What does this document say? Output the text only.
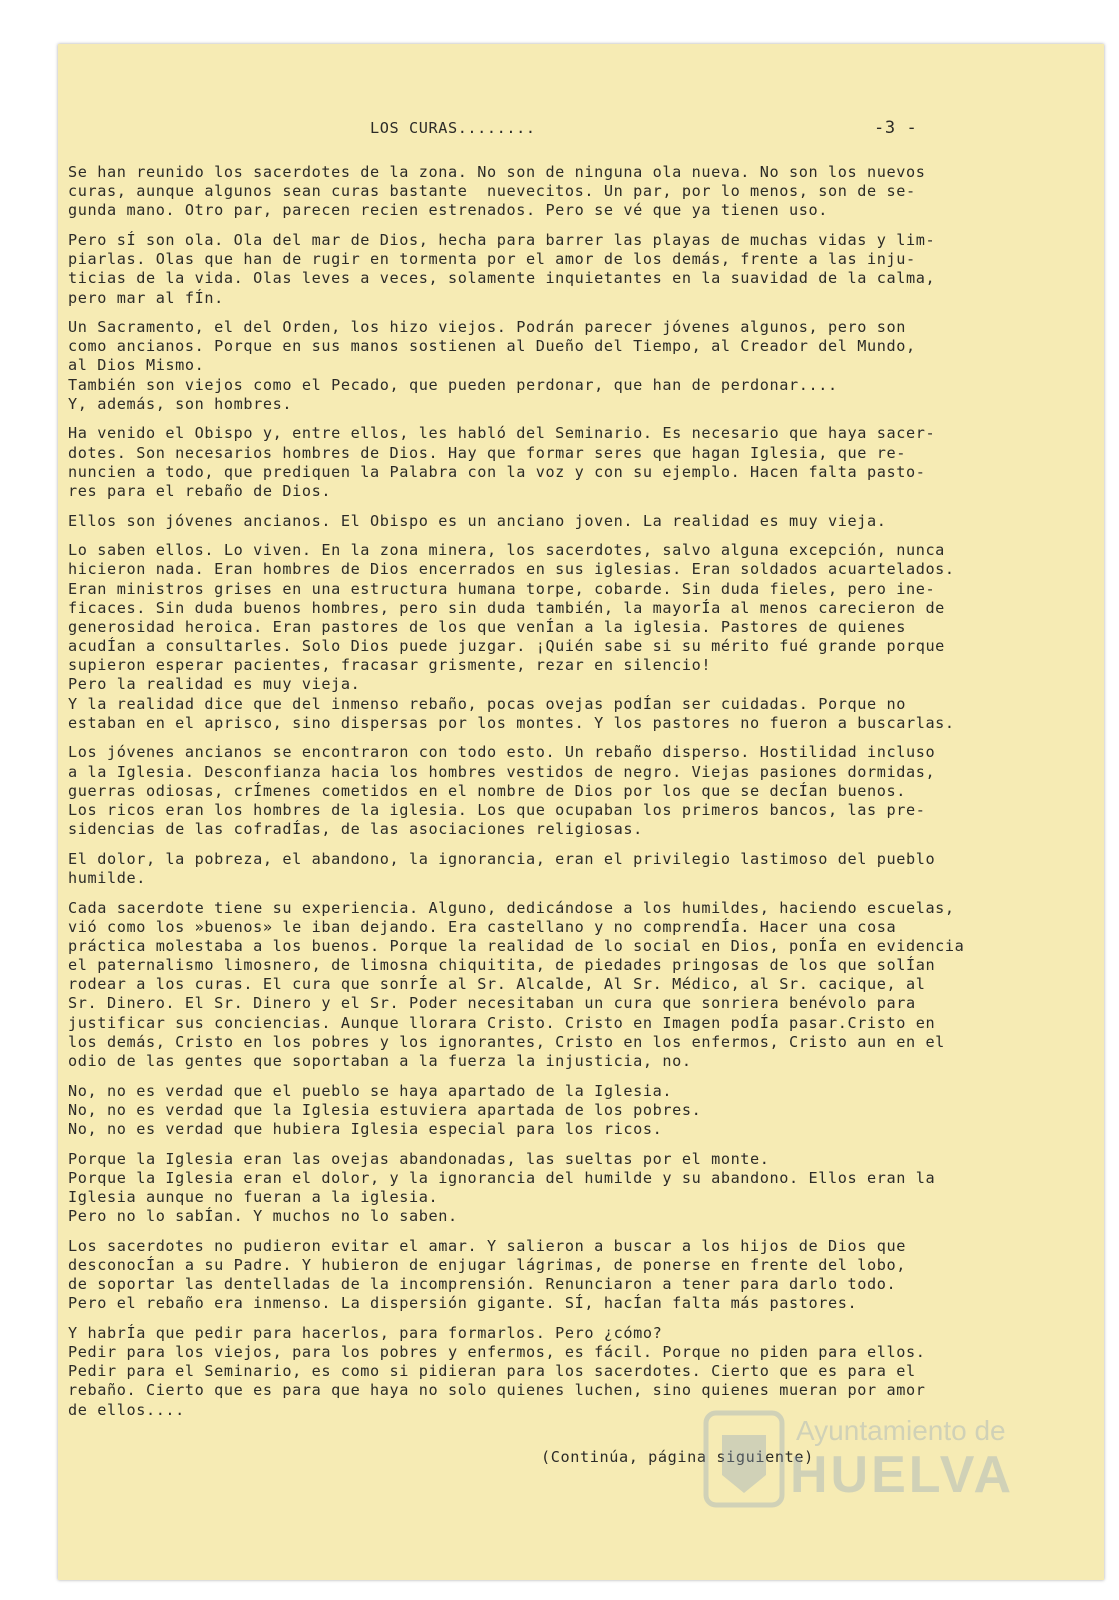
LOS CURAS........	-3 -
Se han reunido los sacerdotes de la zona. No son de ninguna ola nueva. No son los nuevos
curas, aunque algunos sean curas bastante  nuevecitos. Un par, por lo menos, son de se-
gunda mano. Otro par, parecen recien estrenados. Pero se vé que ya tienen uso.
Pero sÍ son ola. Ola del mar de Dios, hecha para barrer las playas de muchas vidas y lim-
piarlas. Olas que han de rugir en tormenta por el amor de los demás, frente a las inju-
ticias de la vida. Olas leves a veces, solamente inquietantes en la suavidad de la calma,
pero mar al fÍn.
Un Sacramento, el del Orden, los hizo viejos. Podrán parecer jóvenes algunos, pero son
como ancianos. Porque en sus manos sostienen al Dueño del Tiempo, al Creador del Mundo,
al Dios Mismo.
También son viejos como el Pecado, que pueden perdonar, que han de perdonar....
Y, además, son hombres.
Ha venido el Obispo y, entre ellos, les habló del Seminario. Es necesario que haya sacer-
dotes. Son necesarios hombres de Dios. Hay que formar seres que hagan Iglesia, que re-
nuncien a todo, que prediquen la Palabra con la voz y con su ejemplo. Hacen falta pasto-
res para el rebaño de Dios.
Ellos son jóvenes ancianos. El Obispo es un anciano joven. La realidad es muy vieja.
Lo saben ellos. Lo viven. En la zona minera, los sacerdotes, salvo alguna excepción, nunca
hicieron nada. Eran hombres de Dios encerrados en sus iglesias. Eran soldados acuartelados.
Eran ministros grises en una estructura humana torpe, cobarde. Sin duda fieles, pero ine-
ficaces. Sin duda buenos hombres, pero sin duda también, la mayorÍa al menos carecieron de
generosidad heroica. Eran pastores de los que venÍan a la iglesia. Pastores de quienes
acudÍan a consultarles. Solo Dios puede juzgar. ¡Quién sabe si su mérito fué grande porque
supieron esperar pacientes, fracasar grismente, rezar en silencio!
Pero la realidad es muy vieja.
Y la realidad dice que del inmenso rebaño, pocas ovejas podÍan ser cuidadas. Porque no
estaban en el aprisco, sino dispersas por los montes. Y los pastores no fueron a buscarlas.
Los jóvenes ancianos se encontraron con todo esto. Un rebaño disperso. Hostilidad incluso
a la Iglesia. Desconfianza hacia los hombres vestidos de negro. Viejas pasiones dormidas,
guerras odiosas, crÍmenes cometidos en el nombre de Dios por los que se decÍan buenos.
Los ricos eran los hombres de la iglesia. Los que ocupaban los primeros bancos, las pre-
sidencias de las cofradÍas, de las asociaciones religiosas.
El dolor, la pobreza, el abandono, la ignorancia, eran el privilegio lastimoso del pueblo
humilde.
Cada sacerdote tiene su experiencia. Alguno, dedicándose a los humildes, haciendo escuelas,
vió como los »buenos» le iban dejando. Era castellano y no comprendÍa. Hacer una cosa
práctica molestaba a los buenos. Porque la realidad de lo social en Dios, ponÍa en evidencia
el paternalismo limosnero, de limosna chiquitita, de piedades pringosas de los que solÍan
rodear a los curas. El cura que sonrÍe al Sr. Alcalde, Al Sr. Médico, al Sr. cacique, al
Sr. Dinero. El Sr. Dinero y el Sr. Poder necesitaban un cura que sonriera benévolo para
justificar sus conciencias. Aunque llorara Cristo. Cristo en Imagen podÍa pasar.Cristo en
los demás, Cristo en los pobres y los ignorantes, Cristo en los enfermos, Cristo aun en el
odio de las gentes que soportaban a la fuerza la injusticia, no.
No, no es verdad que el pueblo se haya apartado de la Iglesia.
No, no es verdad que la Iglesia estuviera apartada de los pobres.
No, no es verdad que hubiera Iglesia especial para los ricos.
Porque la Iglesia eran las ovejas abandonadas, las sueltas por el monte.
Porque la Iglesia eran el dolor, y la ignorancia del humilde y su abandono. Ellos eran la
Iglesia aunque no fueran a la iglesia.
Pero no lo sabÍan. Y muchos no lo saben.
Los sacerdotes no pudieron evitar el amar. Y salieron a buscar a los hijos de Dios que
desconocÍan a su Padre. Y hubieron de enjugar lágrimas, de ponerse en frente del lobo,
de soportar las dentelladas de la incomprensión. Renunciaron a tener para darlo todo.
Pero el rebaño era inmenso. La dispersión gigante. SÍ, hacÍan falta más pastores.
Y habrÍa que pedir para hacerlos, para formarlos. Pero ¿cómo?
Pedir para los viejos, para los pobres y enfermos, es fácil. Porque no piden para ellos.
Pedir para el Seminario, es como si pidieran para los sacerdotes. Cierto que es para el
rebaño. Cierto que es para que haya no solo quienes luchen, sino quienes mueran por amor
de ellos....
(Continúa, página siguiente)
Ayuntamiento de
HUELVA
